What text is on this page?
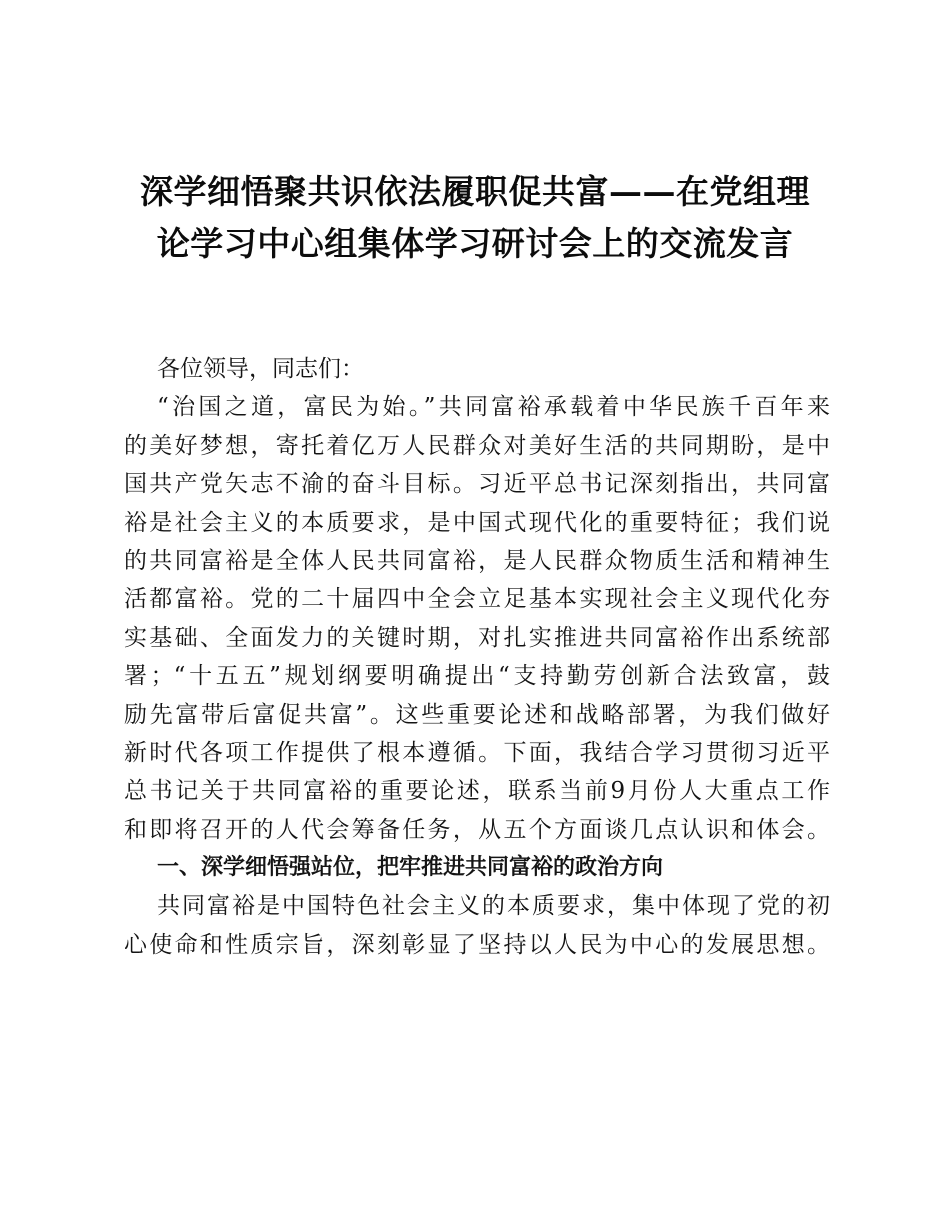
深学细悟聚共识依法履职促共富——在党组理
论学习中心组集体学习研讨会上的交流发言
各位领导，同志们：
“治国之道，富民为始。”共同富裕承载着中华民族千百年来
的美好梦想，寄托着亿万人民群众对美好生活的共同期盼，是中
国共产党矢志不渝的奋斗目标。习近平总书记深刻指出，共同富
裕是社会主义的本质要求，是中国式现代化的重要特征；我们说
的共同富裕是全体人民共同富裕，是人民群众物质生活和精神生
活都富裕。党的二十届四中全会立足基本实现社会主义现代化夯
实基础、全面发力的关键时期，对扎实推进共同富裕作出系统部
署；“十五五”规划纲要明确提出“支持勤劳创新合法致富，鼓
励先富带后富促共富”。这些重要论述和战略部署，为我们做好
新时代各项工作提供了根本遵循。下面，我结合学习贯彻习近平
总书记关于共同富裕的重要论述，联系当前9月份人大重点工作
和即将召开的人代会筹备任务，从五个方面谈几点认识和体会。
一、深学细悟强站位，把牢推进共同富裕的政治方向
共同富裕是中国特色社会主义的本质要求，集中体现了党的初
心使命和性质宗旨，深刻彰显了坚持以人民为中心的发展思想。
